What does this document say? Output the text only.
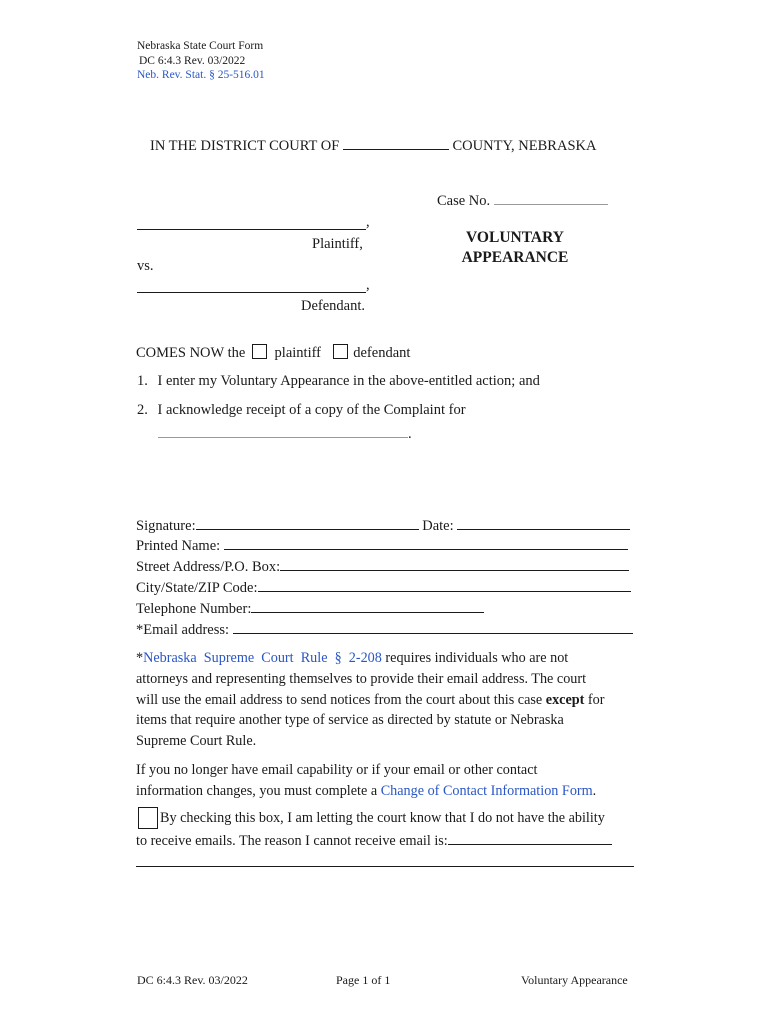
Nebraska State Court Form
DC 6:4.3 Rev. 03/2022
Neb. Rev. Stat. § 25-516.01
IN THE DISTRICT COURT OF	COUNTY, NEBRASKA
Case No.
,
Plaintiff,
vs.
,
Defendant.
VOLUNTARY
APPEARANCE
COMES NOW the plaintiff defendant
1. I enter my Voluntary Appearance in the above-entitled action; and
2. I acknowledge receipt of a copy of the Complaint for
.
Signature:	Date:
Printed Name:
Street Address/P.O. Box:
City/State/ZIP Code:
Telephone Number:
*Email address:
*Nebraska  Supreme  Court  Rule  §  2-208 requires individuals who are not
attorneys and representing themselves to provide their email address. The court
will use the email address to send notices from the court about this case except for
items that require another type of service as directed by statute or Nebraska
Supreme Court Rule.
If you no longer have email capability or if your email or other contact
information changes, you must complete a Change of Contact Information Form.
By checking this box, I am letting the court know that I do not have the ability
to receive emails. The reason I cannot receive email is:
DC 6:4.3 Rev. 03/2022	Page 1 of 1	Voluntary Appearance
